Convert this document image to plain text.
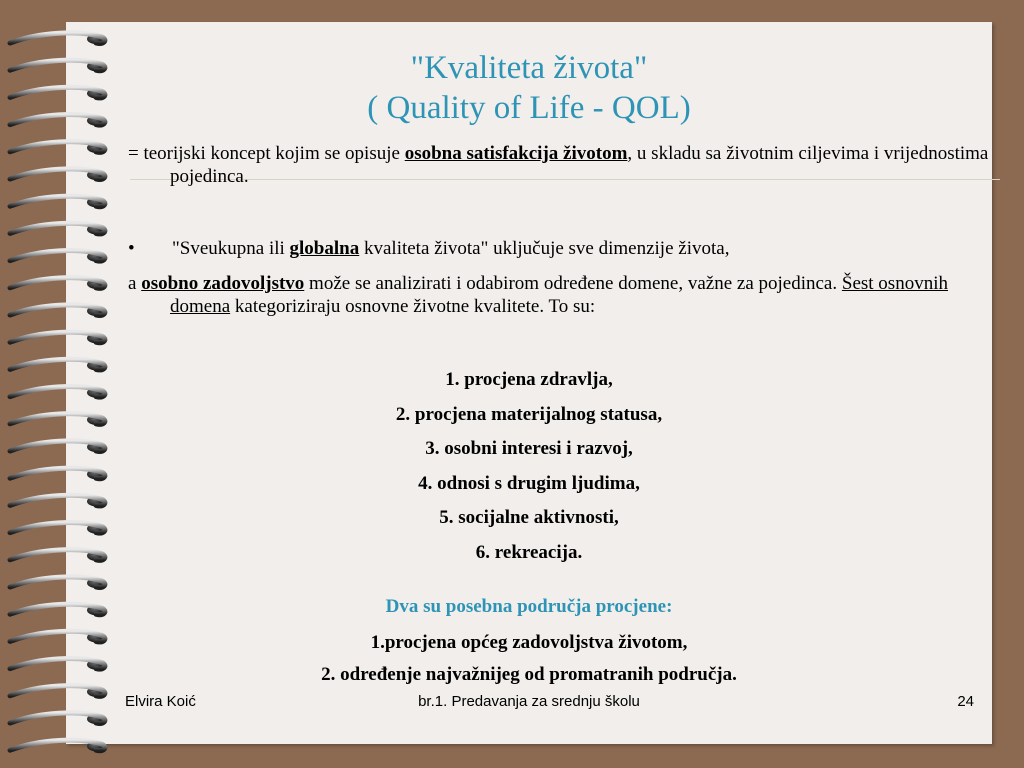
"Kvaliteta života"
( Quality of Life - QOL)
= teorijski koncept kojim se opisuje osobna satisfakcija životom, u skladu sa životnim ciljevima i vrijednostima pojedinca.
• "Sveukupna ili globalna kvaliteta života" uključuje sve dimenzije života,
a osobno zadovoljstvo može se analizirati i odabirom određene domene, važne za pojedinca. Šest osnovnih domena kategoriziraju osnovne životne kvalitete. To su:
1. procjena zdravlja,
2. procjena materijalnog statusa,
3. osobni interesi i razvoj,
4. odnosi s drugim ljudima,
5. socijalne aktivnosti,
6. rekreacija.
Dva su posebna područja procjene:
1.procjena općeg zadovoljstva životom,
2. određenje najvažnijeg od promatranih područja.
Elvira Koić	br.1. Predavanja za srednju školu	24
